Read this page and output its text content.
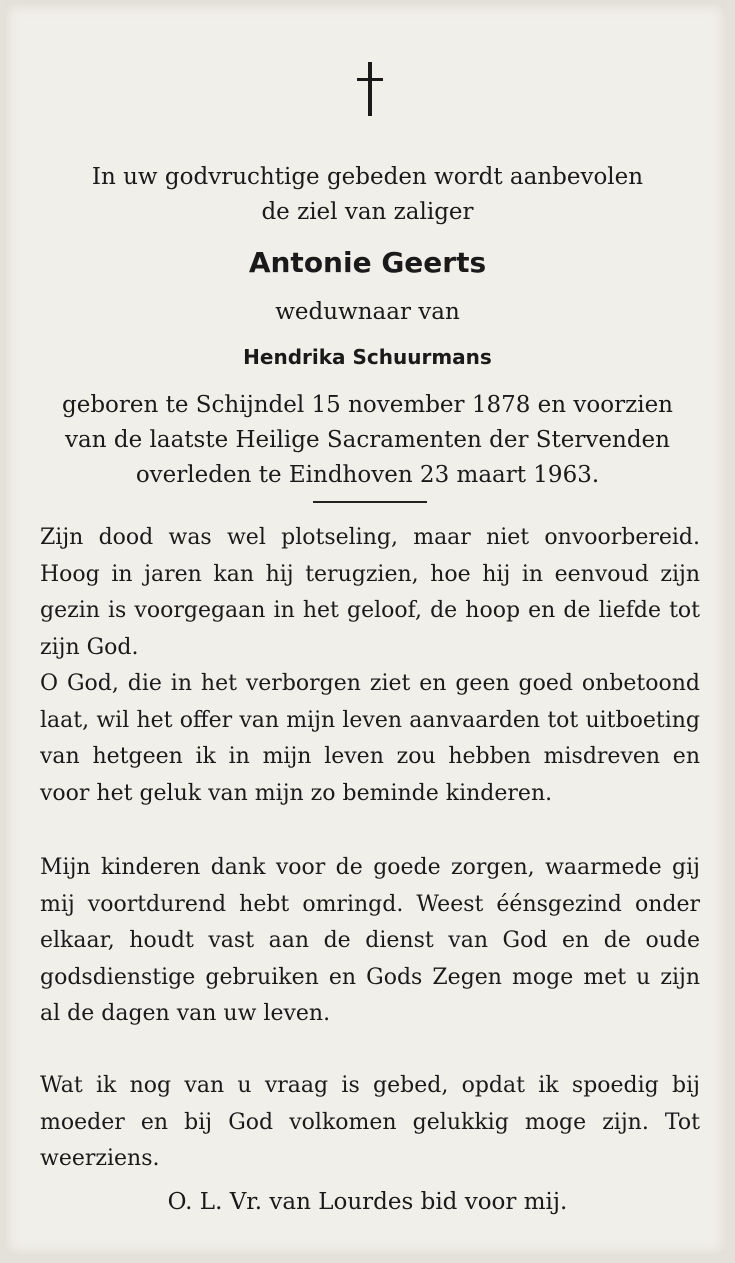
In uw godvruchtige gebeden wordt aanbevolen
de ziel van zaliger
Antonie Geerts
weduwnaar van
Hendrika Schuurmans
geboren te Schijndel 15 november 1878 en voorzien
van de laatste Heilige Sacramenten der Stervenden
overleden te Eindhoven 23 maart 1963.

Zijn dood was wel plotseling, maar niet onvoorbereid. Hoog in jaren kan hij terugzien, hoe hij in eenvoud zijn gezin is voorgegaan in het geloof, de hoop en de liefde tot zijn God.

O God, die in het verborgen ziet en geen goed onbetoond laat, wil het offer van mijn leven aanvaarden tot uitboeting van hetgeen ik in mijn leven zou hebben misdreven en voor het geluk van mijn zo beminde kinderen.

Mijn kinderen dank voor de goede zorgen, waarmede gij mij voortdurend hebt omringd. Weest éénsgezind onder elkaar, houdt vast aan de dienst van God en de oude godsdienstige gebruiken en Gods Zegen moge met u zijn al de dagen van uw leven.

Wat ik nog van u vraag is gebed, opdat ik spoedig bij moeder en bij God volkomen gelukkig moge zijn. Tot weerziens.

O. L. Vr. van Lourdes bid voor mij.
